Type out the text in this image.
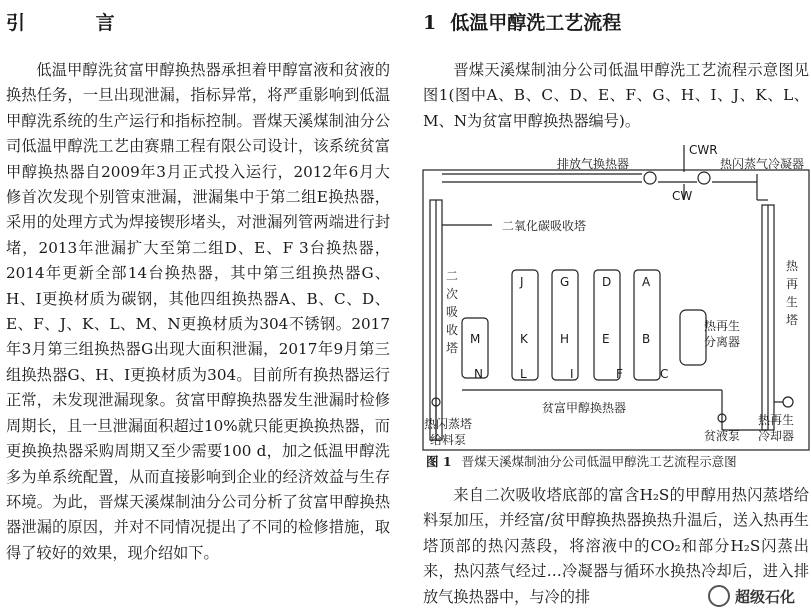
引 言

低温甲醇洗贫富甲醇换热器承担着甲醇富液和贫液的换热任务，一旦出现泄漏，指标异常，将严重影响到低温甲醇洗系统的生产运行和指标控制。晋煤天溪煤制油分公司低温甲醇洗工艺由赛鼎工程有限公司设计，该系统贫富甲醇换热器自2009年3月正式投入运行，2012年6月大修首次发现个别管束泄漏，泄漏集中于第二组E换热器，采用的处理方式为焊接锲形堵头，对泄漏列管两端进行封堵，2013年泄漏扩大至第二组D、E、F 3台换热器，2014年更新全部14台换热器，其中第三组换热器G、H、I更换材质为碳钢，其他四组换热器A、B、C、D、E、F、J、K、L、M、N更换材质为304不锈钢。2017年3月第三组换热器G出现大面积泄漏，2017年9月第三组换热器G、H、I更换材质为304。目前所有换热器运行正常，未发现泄漏现象。贫富甲醇换热器发生泄漏时检修周期长，且一旦泄漏面积超过10%就只能更换换热器，而更换换热器采购周期又至少需要100 d，加之低温甲醇洗多为单系统配置，从而直接影响到企业的经济效益与生存环境。为此，晋煤天溪煤制油分公司分析了贫富甲醇换热器泄漏的原因，并对不同情况提出了不同的检修措施，取得了较好的效果，现介绍如下。

1 低温甲醇洗工艺流程

晋煤天溪煤制油分公司低温甲醇洗工艺流程示意图见图1(图中A、B、C、D、E、F、G、H、I、J、K、L、M、N为贫富甲醇换热器编号)。

CWR
CW
排放气换热器	热闪蒸气冷凝器
二氧化碳吸收塔
二
次
吸
收
塔
热
再
生
塔
热再生
分离器
贫富甲醇换热器
热闪蒸塔
给料泵	贫液泵
热再生
冷却器
J	G	D	A
M	K	H	E	B
N	L	I	F	C
图 1 晋煤天溪煤制油分公司低温甲醇洗工艺流程示意图

来自二次吸收塔底部的富含H₂S的甲醇用热闪蒸塔给料泵加压，并经富/贫甲醇换热器换热升温后，送入热再生塔顶部的热闪蒸段，将溶液中的CO₂和部分H₂S闪蒸出来，热闪蒸气经过…冷凝器与循环水换热冷却后，进入排放气换热器中，与冷的排	超级石化
